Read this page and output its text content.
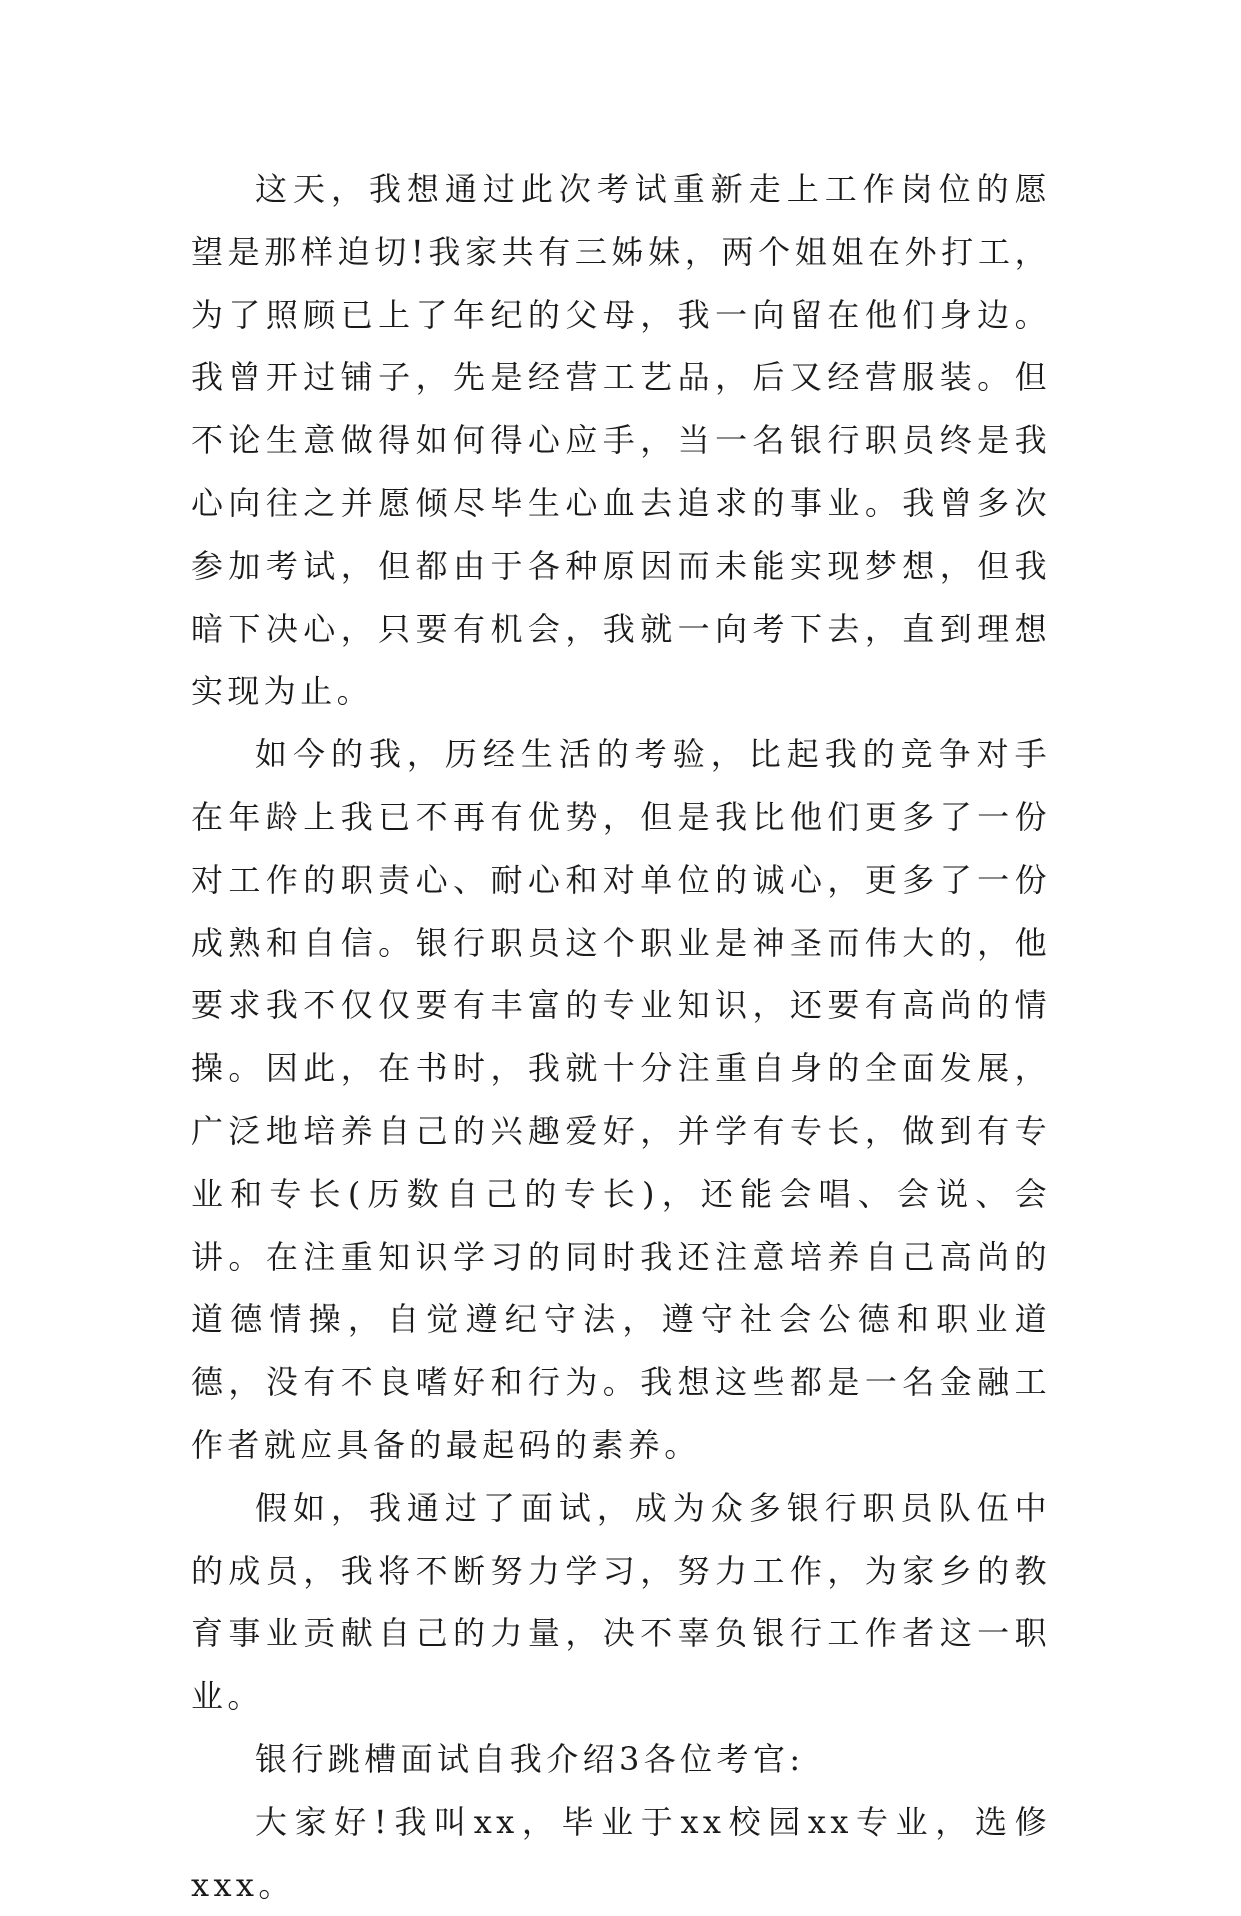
这天，我想通过此次考试重新走上工作岗位的愿望是那样迫切!我家共有三姊妹，两个姐姐在外打工，为了照顾已上了年纪的父母，我一向留在他们身边。我曾开过铺子，先是经营工艺品，后又经营服装。但不论生意做得如何得心应手，当一名银行职员终是我心向往之并愿倾尽毕生心血去追求的事业。我曾多次参加考试，但都由于各种原因而未能实现梦想，但我暗下决心，只要有机会，我就一向考下去，直到理想实现为止。

如今的我，历经生活的考验，比起我的竞争对手在年龄上我已不再有优势，但是我比他们更多了一份对工作的职责心、耐心和对单位的诚心，更多了一份成熟和自信。银行职员这个职业是神圣而伟大的，他要求我不仅仅要有丰富的专业知识，还要有高尚的情操。因此，在书时，我就十分注重自身的全面发展，广泛地培养自己的兴趣爱好，并学有专长，做到有专业和专长(历数自己的专长)，还能会唱、会说、会讲。在注重知识学习的同时我还注意培养自己高尚的道德情操，自觉遵纪守法，遵守社会公德和职业道德，没有不良嗜好和行为。我想这些都是一名金融工作者就应具备的最起码的素养。

假如，我通过了面试，成为众多银行职员队伍中的成员，我将不断努力学习，努力工作，为家乡的教育事业贡献自己的力量，决不辜负银行工作者这一职业。

银行跳槽面试自我介绍3各位考官:

大家好!我叫xx，毕业于xx校园xx专业，选修xxx。
